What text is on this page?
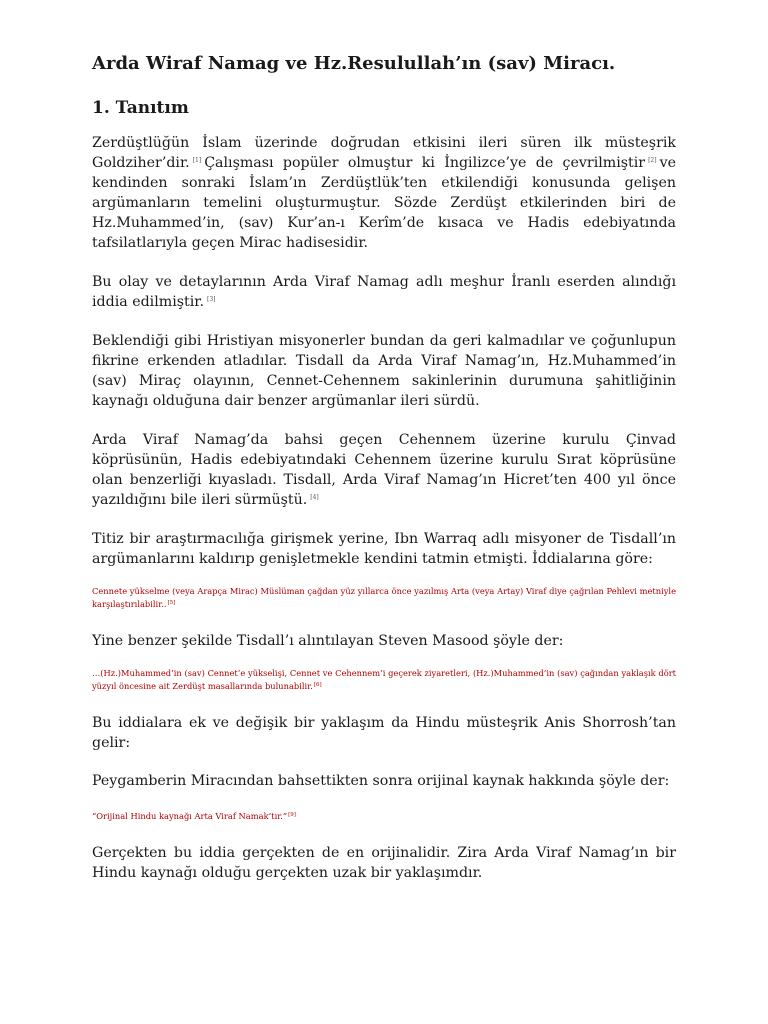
Arda Wiraf Namag ve Hz.Resulullah’ın (sav) Miracı.
1. Tanıtım

Zerdüştlüğün İslam üzerinde doğrudan etkisini ileri süren ilk müsteşrik Goldziher’dir. [1] Çalışması popüler olmuştur ki İngilizce’ye de çevrilmiştir [2] ve kendinden sonraki İslam’ın Zerdüştlük’ten etkilendiği konusunda gelişen argümanların temelini oluşturmuştur. Sözde Zerdüşt etkilerinden biri de Hz.Muhammed’in, (sav) Kur’an-ı Kerîm’de kısaca ve Hadis edebiyatında tafsilatlarıyla geçen Mirac hadisesidir.

Bu olay ve detaylarının Arda Viraf Namag adlı meşhur İranlı eserden alındığı iddia edilmiştir. [3]

Beklendiği gibi Hristiyan misyonerler bundan da geri kalmadılar ve çoğunlupun fikrine erkenden atladılar. Tisdall da Arda Viraf Namag’ın, Hz.Muhammed’in (sav) Miraç olayının, Cennet-Cehennem sakinlerinin durumuna şahitliğinin kaynağı olduğuna dair benzer argümanlar ileri sürdü.

Arda Viraf Namag’da bahsi geçen Cehennem üzerine kurulu Çinvad köprüsünün, Hadis edebiyatındaki Cehennem üzerine kurulu Sırat köprüsüne olan benzerliği kıyasladı. Tisdall, Arda Viraf Namag’ın Hicret’ten 400 yıl önce yazıldığını bile ileri sürmüştü. [4]

Titiz bir araştırmacılığa girişmek yerine, Ibn Warraq adlı misyoner de Tisdall’ın argümanlarını kaldırıp genişletmekle kendini tatmin etmişti. İddialarına göre:

Cennete yükselme (veya Arapça Mirac) Müslüman çağdan yüz yıllarca önce yazılmış Arta (veya Artay) Viraf diye çağrılan Pehlevi metniyle karşılaştırılabilir..[5]

Yine benzer şekilde Tisdall’ı alıntılayan Steven Masood şöyle der:

…(Hz.)Muhammed’in (sav) Cennet’e yükselişi, Cennet ve Cehennem’i geçerek ziyaretleri, (Hz.)Muhammed’in (sav) çağından yaklaşık dört yüzyıl öncesine ait Zerdüşt masallarında bulunabilir.[6]

Bu iddialara ek ve değişik bir yaklaşım da Hindu müsteşrik Anis Shorrosh’tan gelir:

Peygamberin Miracından bahsettikten sonra orijinal kaynak hakkında şöyle der:

“Orijinal Hindu kaynağı Arta Viraf Namak’tır.”[9]

Gerçekten bu iddia gerçekten de en orijinalidir. Zira Arda Viraf Namag’ın bir Hindu kaynağı olduğu gerçekten uzak bir yaklaşımdır.
